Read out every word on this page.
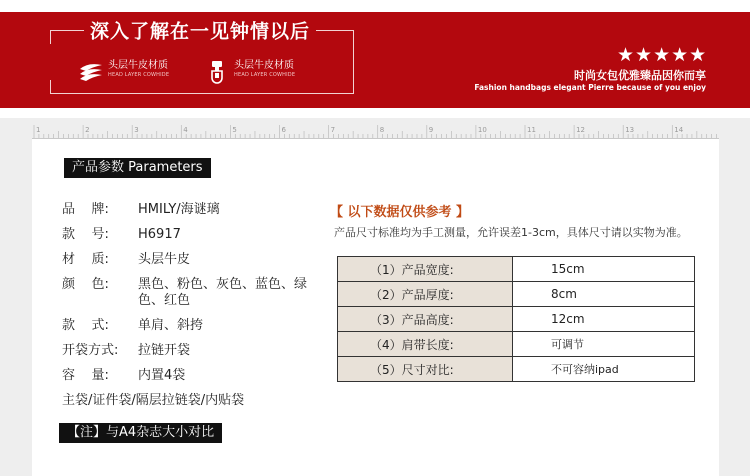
深入了解在一见钟情以后
头层牛皮材质
HEAD LAYER COWHIDE
头层牛皮材质
HEAD LAYER COWHIDE
★★★★★
时尚女包优雅臻品因你而享
Fashion handbags elegant Pierre because of you enjoy
1	2	3	4	5	6	7	8	9	10	11	12	13	14
产品参数 Parameters
品    牌:	HMILY/海谜璃
款    号:	H6917
材    质:	头层牛皮
颜    色:	黑色、粉色、灰色、蓝色、绿色、红色
款    式:	单肩、斜挎
开袋方式:	拉链开袋
容    量:	内置4袋
主袋/证件袋/隔层拉链袋/内贴袋
【 以下数据仅供参考 】
产品尺寸标准均为手工测量，允许误差1-3cm，具体尺寸请以实物为准。
（1）产品宽度:	15cm
（2）产品厚度:	8cm
（3）产品高度:	12cm
（4）肩带长度:	可调节
（5）尺寸对比:	不可容纳ipad
【注】与A4杂志大小对比
